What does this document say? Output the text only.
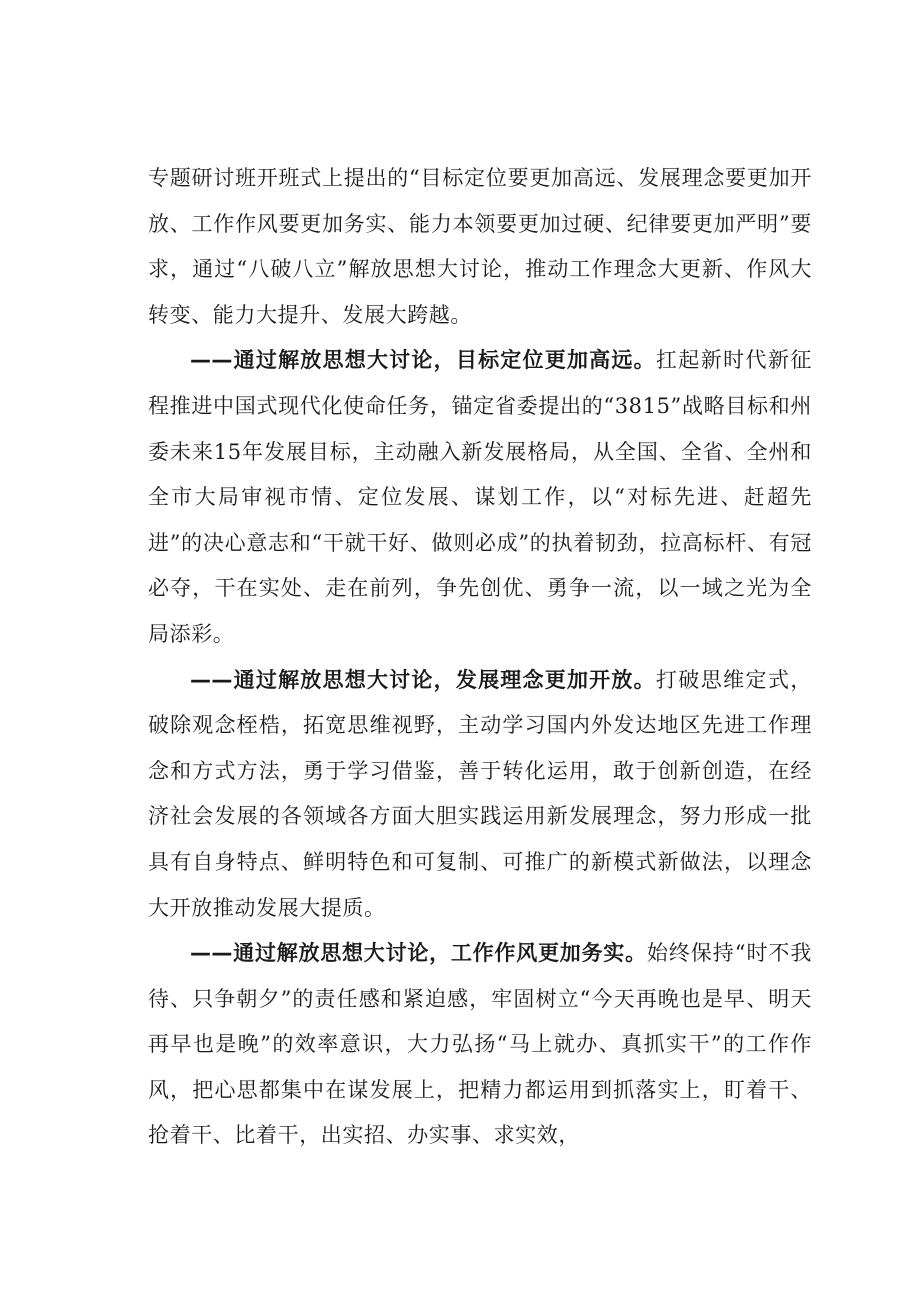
专题研讨班开班式上提出的“目标定位要更加高远、发展理念要更加开放、工作作风要更加务实、能力本领要更加过硬、纪律要更加严明”要求，通过“八破八立”解放思想大讨论，推动工作理念大更新、作风大转变、能力大提升、发展大跨越。

——通过解放思想大讨论，目标定位更加高远。扛起新时代新征程推进中国式现代化使命任务，锚定省委提出的“3815”战略目标和州委未来15年发展目标，主动融入新发展格局，从全国、全省、全州和全市大局审视市情、定位发展、谋划工作，以“对标先进、赶超先进”的决心意志和“干就干好、做则必成”的执着韧劲，拉高标杆、有冠必夺，干在实处、走在前列，争先创优、勇争一流，以一域之光为全局添彩。

——通过解放思想大讨论，发展理念更加开放。打破思维定式，破除观念桎梏，拓宽思维视野，主动学习国内外发达地区先进工作理念和方式方法，勇于学习借鉴，善于转化运用，敢于创新创造，在经济社会发展的各领域各方面大胆实践运用新发展理念，努力形成一批具有自身特点、鲜明特色和可复制、可推广的新模式新做法，以理念大开放推动发展大提质。

——通过解放思想大讨论，工作作风更加务实。始终保持“时不我待、只争朝夕”的责任感和紧迫感，牢固树立“今天再晚也是早、明天再早也是晚”的效率意识，大力弘扬“马上就办、真抓实干”的工作作风，把心思都集中在谋发展上，把精力都运用到抓落实上，盯着干、抢着干、比着干，出实招、办实事、求实效，
